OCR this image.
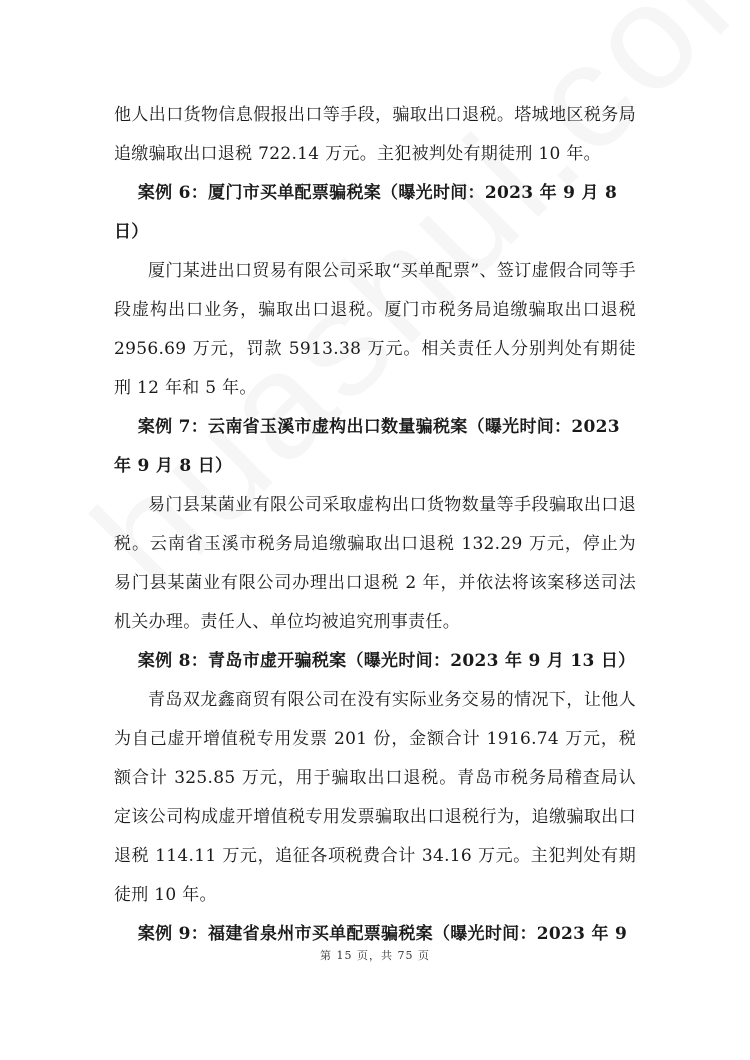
他人出口货物信息假报出口等手段，骗取出口退税。塔城地区税务局追缴骗取出口退税 722.14 万元。主犯被判处有期徒刑 10 年。

案例 6：厦门市买单配票骗税案（曝光时间：2023 年 9 月 8 日）

厦门某进出口贸易有限公司采取“买单配票”、签订虚假合同等手段虚构出口业务，骗取出口退税。厦门市税务局追缴骗取出口退税 2956.69 万元，罚款 5913.38 万元。相关责任人分别判处有期徒刑 12 年和 5 年。

案例 7：云南省玉溪市虚构出口数量骗税案（曝光时间：2023 年 9 月 8 日）

易门县某菌业有限公司采取虚构出口货物数量等手段骗取出口退税。云南省玉溪市税务局追缴骗取出口退税 132.29 万元，停止为易门县某菌业有限公司办理出口退税 2 年，并依法将该案移送司法机关办理。责任人、单位均被追究刑事责任。

案例 8：青岛市虚开骗税案（曝光时间：2023 年 9 月 13 日）

青岛双龙鑫商贸有限公司在没有实际业务交易的情况下，让他人为自己虚开增值税专用发票 201 份，金额合计 1916.74 万元，税额合计 325.85 万元，用于骗取出口退税。青岛市税务局稽查局认定该公司构成虚开增值税专用发票骗取出口退税行为，追缴骗取出口退税 114.11 万元，追征各项税费合计 34.16 万元。主犯判处有期徒刑 10 年。

案例 9：福建省泉州市买单配票骗税案（曝光时间：2023 年 9

第 15 页，共 75 页
